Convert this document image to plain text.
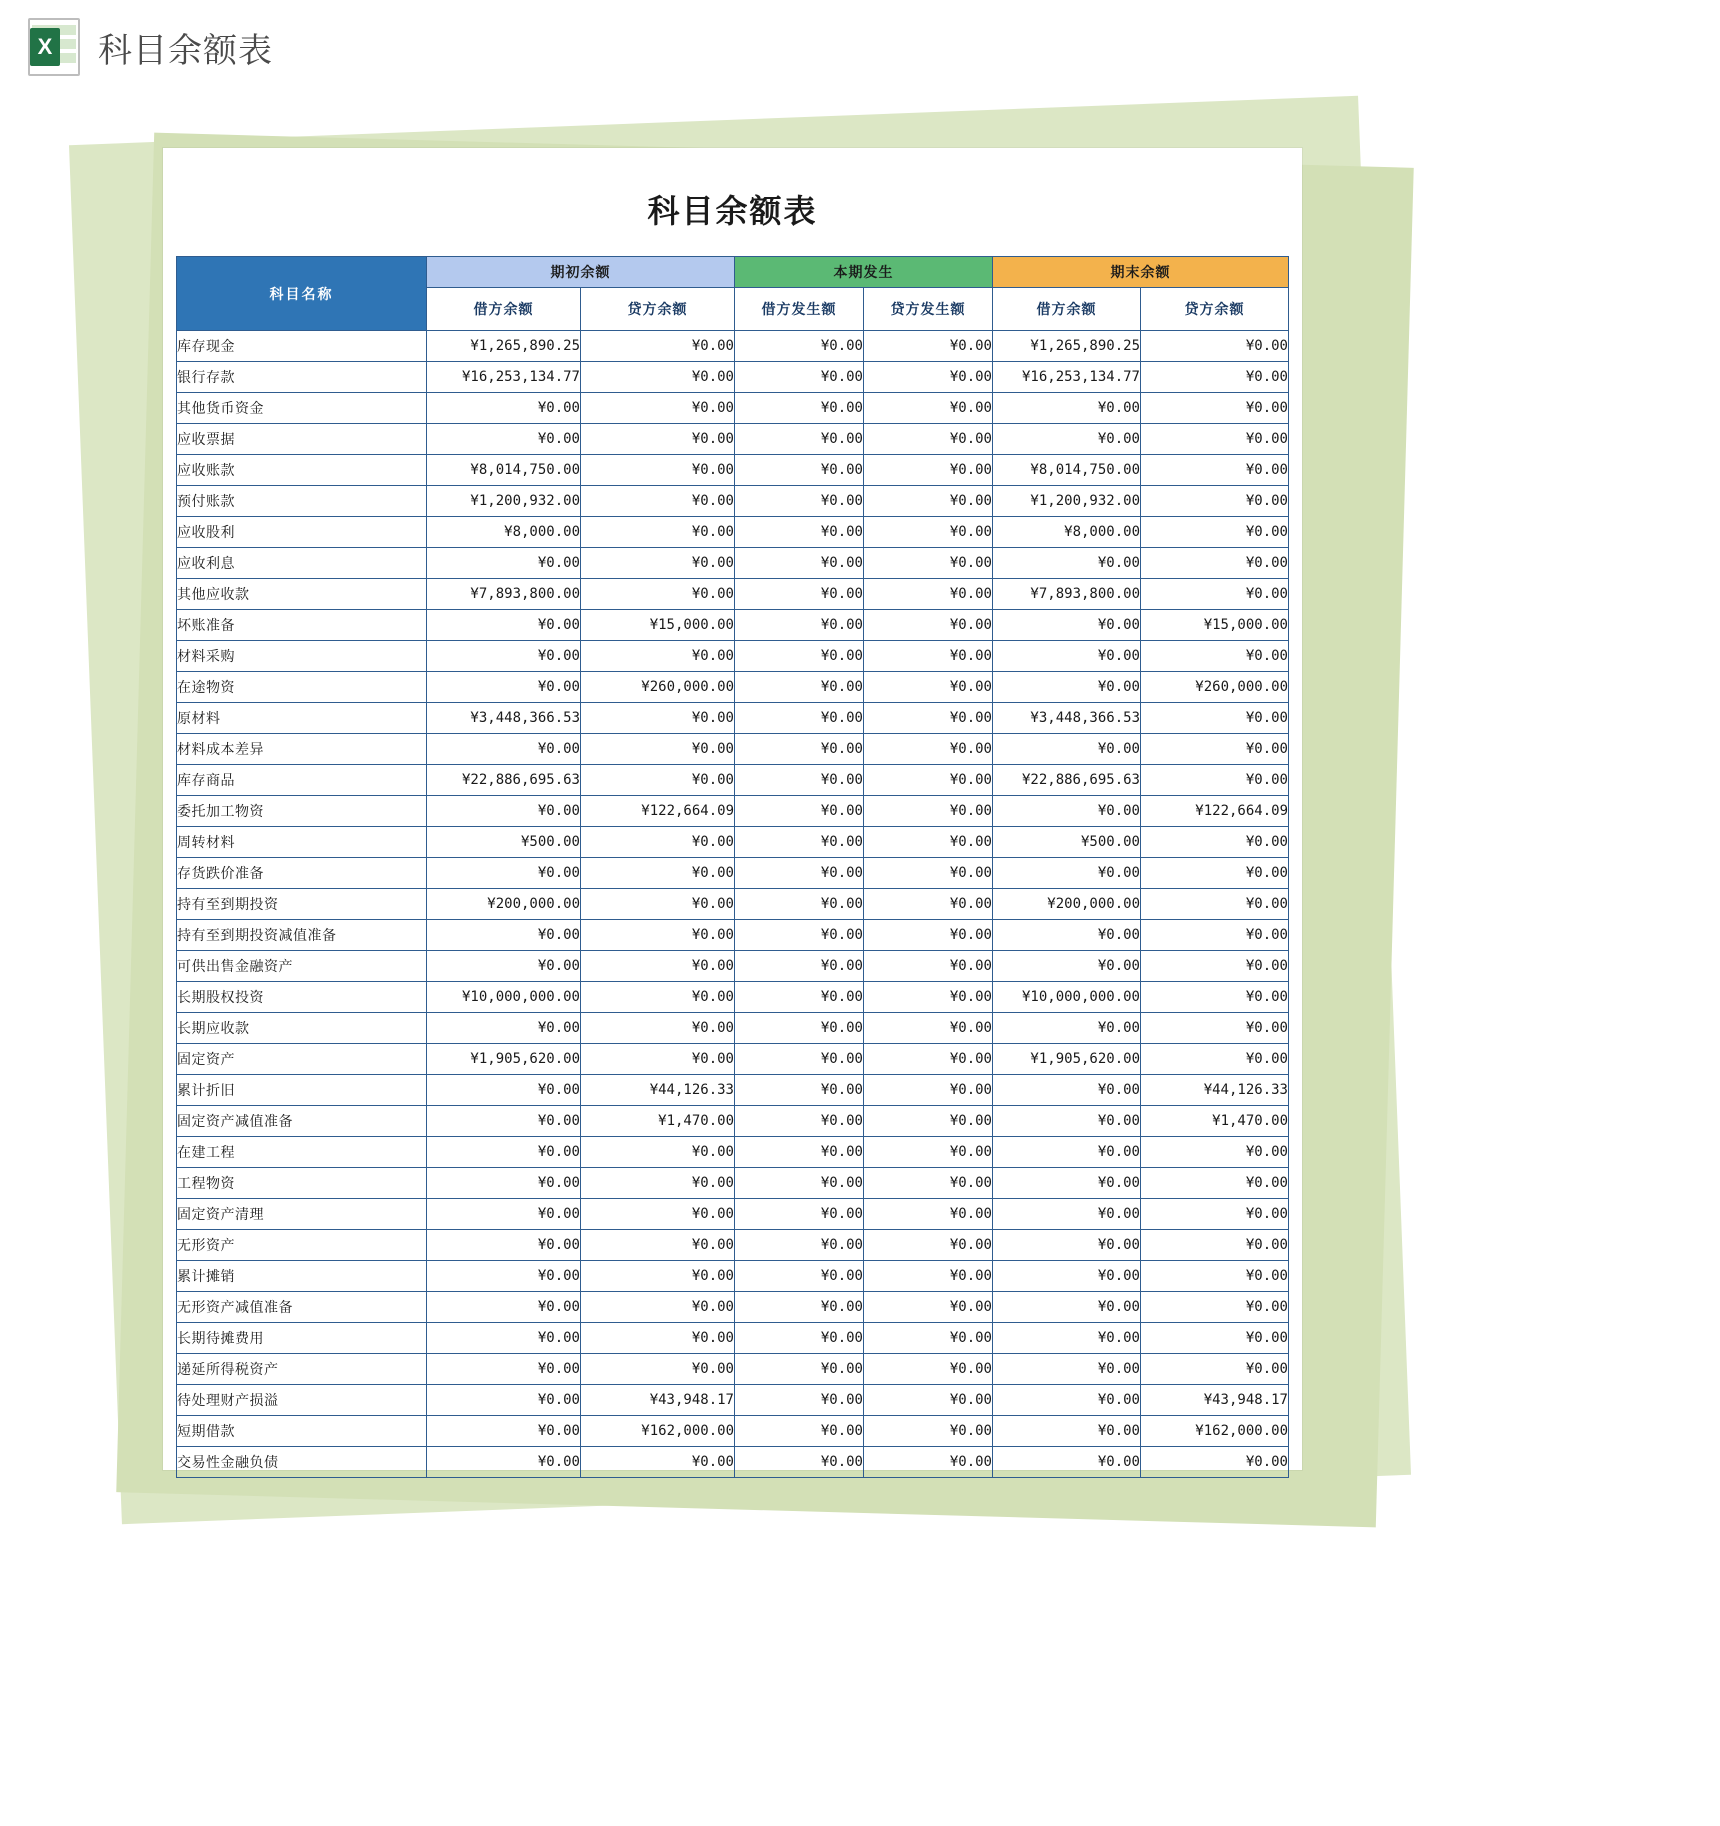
X 科目余额表
科目余额表
科目名称	期初余额		本期发生		期末余额	
	借方余额	贷方余额	借方发生额	贷方发生额	借方余额	贷方余额
库存现金	¥1,265,890.25	¥0.00	¥0.00	¥0.00	¥1,265,890.25	¥0.00
银行存款	¥16,253,134.77	¥0.00	¥0.00	¥0.00	¥16,253,134.77	¥0.00
其他货币资金	¥0.00	¥0.00	¥0.00	¥0.00	¥0.00	¥0.00
应收票据	¥0.00	¥0.00	¥0.00	¥0.00	¥0.00	¥0.00
应收账款	¥8,014,750.00	¥0.00	¥0.00	¥0.00	¥8,014,750.00	¥0.00
预付账款	¥1,200,932.00	¥0.00	¥0.00	¥0.00	¥1,200,932.00	¥0.00
应收股利	¥8,000.00	¥0.00	¥0.00	¥0.00	¥8,000.00	¥0.00
应收利息	¥0.00	¥0.00	¥0.00	¥0.00	¥0.00	¥0.00
其他应收款	¥7,893,800.00	¥0.00	¥0.00	¥0.00	¥7,893,800.00	¥0.00
坏账准备	¥0.00	¥15,000.00	¥0.00	¥0.00	¥0.00	¥15,000.00
材料采购	¥0.00	¥0.00	¥0.00	¥0.00	¥0.00	¥0.00
在途物资	¥0.00	¥260,000.00	¥0.00	¥0.00	¥0.00	¥260,000.00
原材料	¥3,448,366.53	¥0.00	¥0.00	¥0.00	¥3,448,366.53	¥0.00
材料成本差异	¥0.00	¥0.00	¥0.00	¥0.00	¥0.00	¥0.00
库存商品	¥22,886,695.63	¥0.00	¥0.00	¥0.00	¥22,886,695.63	¥0.00
委托加工物资	¥0.00	¥122,664.09	¥0.00	¥0.00	¥0.00	¥122,664.09
周转材料	¥500.00	¥0.00	¥0.00	¥0.00	¥500.00	¥0.00
存货跌价准备	¥0.00	¥0.00	¥0.00	¥0.00	¥0.00	¥0.00
持有至到期投资	¥200,000.00	¥0.00	¥0.00	¥0.00	¥200,000.00	¥0.00
持有至到期投资减值准备	¥0.00	¥0.00	¥0.00	¥0.00	¥0.00	¥0.00
可供出售金融资产	¥0.00	¥0.00	¥0.00	¥0.00	¥0.00	¥0.00
长期股权投资	¥10,000,000.00	¥0.00	¥0.00	¥0.00	¥10,000,000.00	¥0.00
长期应收款	¥0.00	¥0.00	¥0.00	¥0.00	¥0.00	¥0.00
固定资产	¥1,905,620.00	¥0.00	¥0.00	¥0.00	¥1,905,620.00	¥0.00
累计折旧	¥0.00	¥44,126.33	¥0.00	¥0.00	¥0.00	¥44,126.33
固定资产减值准备	¥0.00	¥1,470.00	¥0.00	¥0.00	¥0.00	¥1,470.00
在建工程	¥0.00	¥0.00	¥0.00	¥0.00	¥0.00	¥0.00
工程物资	¥0.00	¥0.00	¥0.00	¥0.00	¥0.00	¥0.00
固定资产清理	¥0.00	¥0.00	¥0.00	¥0.00	¥0.00	¥0.00
无形资产	¥0.00	¥0.00	¥0.00	¥0.00	¥0.00	¥0.00
累计摊销	¥0.00	¥0.00	¥0.00	¥0.00	¥0.00	¥0.00
无形资产减值准备	¥0.00	¥0.00	¥0.00	¥0.00	¥0.00	¥0.00
长期待摊费用	¥0.00	¥0.00	¥0.00	¥0.00	¥0.00	¥0.00
递延所得税资产	¥0.00	¥0.00	¥0.00	¥0.00	¥0.00	¥0.00
待处理财产损溢	¥0.00	¥43,948.17	¥0.00	¥0.00	¥0.00	¥43,948.17
短期借款	¥0.00	¥162,000.00	¥0.00	¥0.00	¥0.00	¥162,000.00
交易性金融负债	¥0.00	¥0.00	¥0.00	¥0.00	¥0.00	¥0.00
